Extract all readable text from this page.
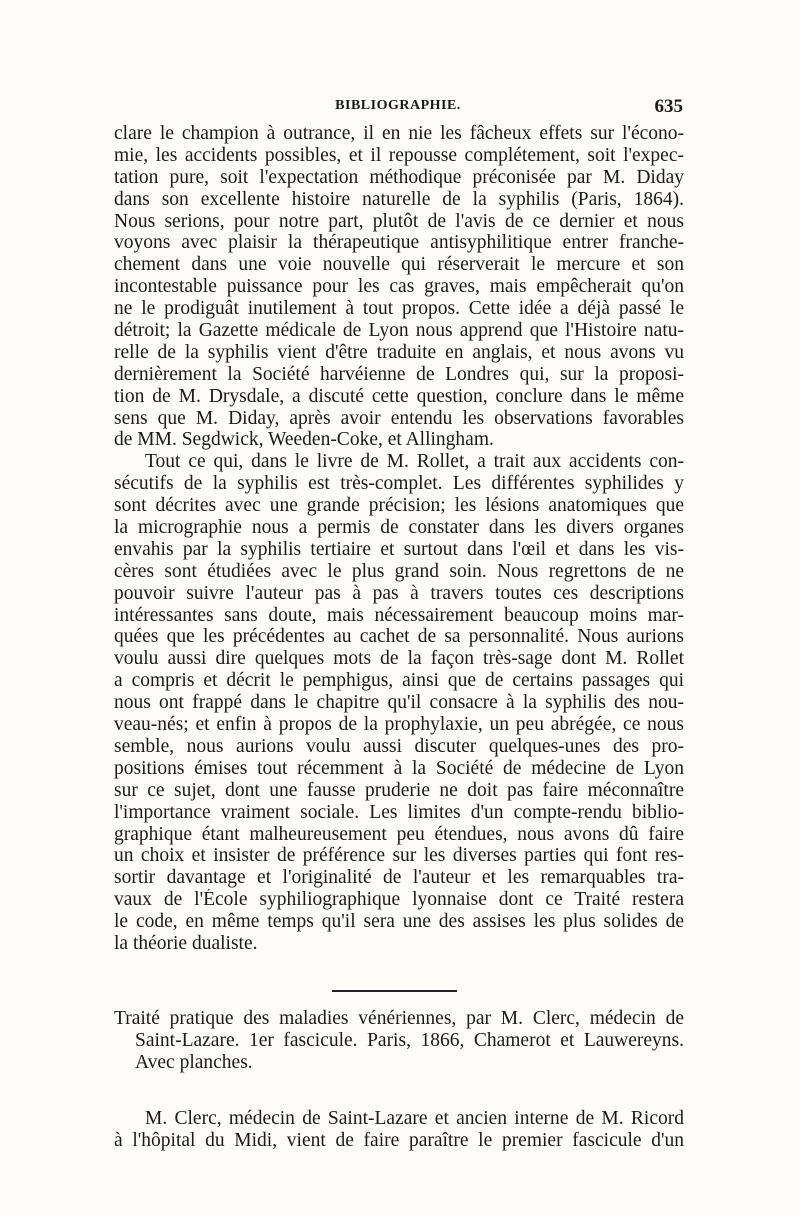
BIBLIOGRAPHIE.	635
clare le champion à outrance, il en nie les fâcheux effets sur l'écono-
mie, les accidents possibles, et il repousse complétement, soit l'expec-
tation pure, soit l'expectation méthodique préconisée par M. Diday
dans son excellente histoire naturelle de la syphilis (Paris, 1864).
Nous serions, pour notre part, plutôt de l'avis de ce dernier et nous
voyons avec plaisir la thérapeutique antisyphilitique entrer franche-
chement dans une voie nouvelle qui réserverait le mercure et son
incontestable puissance pour les cas graves, mais empêcherait qu'on
ne le prodiguât inutilement à tout propos. Cette idée a déjà passé le
détroit; la Gazette médicale de Lyon nous apprend que l'Histoire natu-
relle de la syphilis vient d'être traduite en anglais, et nous avons vu
dernièrement la Société harvéienne de Londres qui, sur la proposi-
tion de M. Drysdale, a discuté cette question, conclure dans le même
sens que M. Diday, après avoir entendu les observations favorables
de MM. Segdwick, Weeden-Coke, et Allingham.
Tout ce qui, dans le livre de M. Rollet, a trait aux accidents con-
sécutifs de la syphilis est très-complet. Les différentes syphilides y
sont décrites avec une grande précision; les lésions anatomiques que
la micrographie nous a permis de constater dans les divers organes
envahis par la syphilis tertiaire et surtout dans l'œil et dans les vis-
cères sont étudiées avec le plus grand soin. Nous regrettons de ne
pouvoir suivre l'auteur pas à pas à travers toutes ces descriptions
intéressantes sans doute, mais nécessairement beaucoup moins mar-
quées que les précédentes au cachet de sa personnalité. Nous aurions
voulu aussi dire quelques mots de la façon très-sage dont M. Rollet
a compris et décrit le pemphigus, ainsi que de certains passages qui
nous ont frappé dans le chapitre qu'il consacre à la syphilis des nou-
veau-nés; et enfin à propos de la prophylaxie, un peu abrégée, ce nous
semble, nous aurions voulu aussi discuter quelques-unes des pro-
positions émises tout récemment à la Société de médecine de Lyon
sur ce sujet, dont une fausse pruderie ne doit pas faire méconnaître
l'importance vraiment sociale. Les limites d'un compte-rendu biblio-
graphique étant malheureusement peu étendues, nous avons dû faire
un choix et insister de préférence sur les diverses parties qui font res-
sortir davantage et l'originalité de l'auteur et les remarquables tra-
vaux de l'École syphiliographique lyonnaise dont ce Traité restera
le code, en même temps qu'il sera une des assises les plus solides de
la théorie dualiste.
Traité pratique des maladies vénériennes, par M. Clerc, médecin de
Saint-Lazare. 1er fascicule. Paris, 1866, Chamerot et Lauwereyns.
Avec planches.
M. Clerc, médecin de Saint-Lazare et ancien interne de M. Ricord
à l'hôpital du Midi, vient de faire paraître le premier fascicule d'un
